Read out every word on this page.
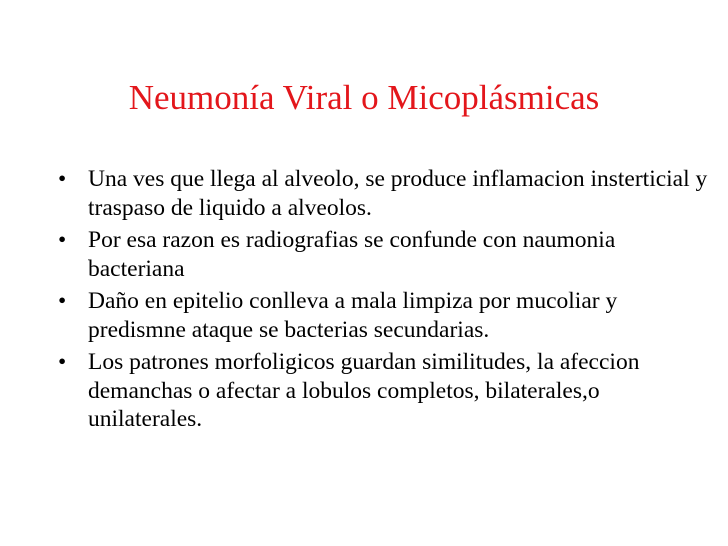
Neumonía Viral o Micoplásmicas
• Una ves que llega al alveolo, se produce inflamacion insterticial y traspaso de liquido a alveolos.
• Por esa razon es radiografias se confunde con naumonia bacteriana
• Daño en epitelio conlleva a mala limpiza por mucoliar y predismne ataque se bacterias secundarias.
• Los patrones morfoligicos guardan similitudes, la afeccion demanchas o afectar a lobulos completos, bilaterales,o unilaterales.
